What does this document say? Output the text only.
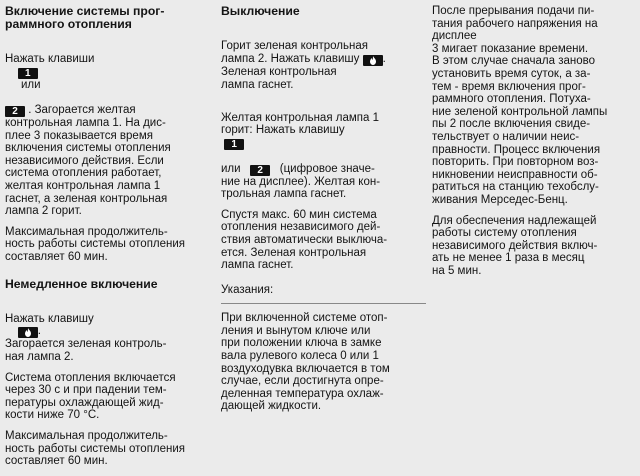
Включение системы прог-
раммного отопления

Нажать клавиши
1
или

2 . Загорается желтая
контрольная лампа 1. На дис-
плее 3 показывается время
включения системы отопления
независимого действия. Если
система отопления работает,
желтая контрольная лампа 1
гаснет, а зеленая контрольная
лампа 2 горит.

Максимальная продолжитель-
ность работы системы отопления
составляет 60 мин.
Немедленное включение

Нажать клавишу
.
Загорается зеленая контроль-
ная лампа 2.

Система отопления включается
через 30 с и при падении тем-
пературы охлаждающей жид-
кости ниже 70 °С.
Максимальная продолжитель-
ность работы системы отопления
составляет 60 мин.
Выключение

Горит зеленая контрольная
лампа 2. Нажать клавишу . Зеленая контрольная
лампа гаснет.

Желтая контрольная лампа 1
горит: Нажать клавишу
1

или 2 (цифровое значе-
ние на дисплее). Желтая кон-
трольная лампа гаснет.

Спустя макс. 60 мин система
отопления независимого дей-
ствия автоматически выключа-
ется. Зеленая контрольная
лампа гаснет.
Указания:
При включенной системе отоп-
ления и вынутом ключе или
при положении ключа в замке
вала рулевого колеса 0 или 1
воздуходувка включается в том
случае, если достигнута опре-
деленная температура охлаж-
дающей жидкости.
После прерывания подачи пи-
тания рабочего напряжения на дисплее
3 мигает показание времени.
В этом случае сначала заново
установить время суток, а за-
тем - время включения прог-
раммного отопления. Потуха-
ние зеленой контрольной лампы
пы 2 после включения свиде-
тельствует о наличии неис-
правности. Процесс включения
повторить. При повторном воз-
никновении неисправности об-
ратиться на станцию техобслу-
живания Мерседес-Бенц.
Для обеспечения надлежащей
работы систему отопления
независимого действия включ-
ать не менее 1 раза в месяц
на 5 мин.
